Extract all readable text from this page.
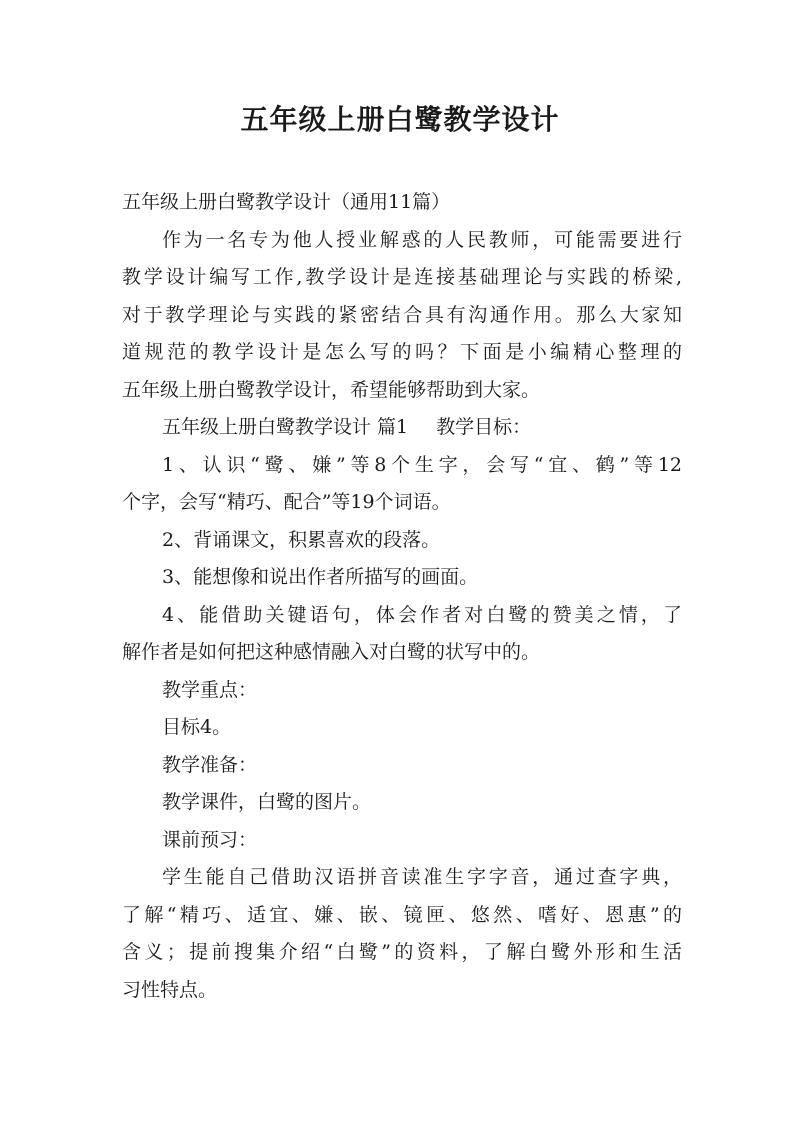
五年级上册白鹭教学设计

五年级上册白鹭教学设计（通用11篇）

作为一名专为他人授业解惑的人民教师，可能需要进行

教学设计编写工作,教学设计是连接基础理论与实践的桥梁,

对于教学理论与实践的紧密结合具有沟通作用。那么大家知

道规范的教学设计是怎么写的吗？下面是小编精心整理的

五年级上册白鹭教学设计，希望能够帮助到大家。

五年级上册白鹭教学设计 篇1 教学目标：

1、认识“鹭、嫌”等8个生字，会写“宜、鹤”等12

个字，会写“精巧、配合”等19个词语。

2、背诵课文，积累喜欢的段落。

3、能想像和说出作者所描写的画面。

4、能借助关键语句，体会作者对白鹭的赞美之情，了

解作者是如何把这种感情融入对白鹭的状写中的。

教学重点：

目标4。

教学准备：

教学课件，白鹭的图片。

课前预习：

学生能自己借助汉语拼音读准生字字音，通过查字典，

了解“精巧、适宜、嫌、嵌、镜匣、悠然、嗜好、恩惠”的

含义；提前搜集介绍“白鹭”的资料，了解白鹭外形和生活

习性特点。
